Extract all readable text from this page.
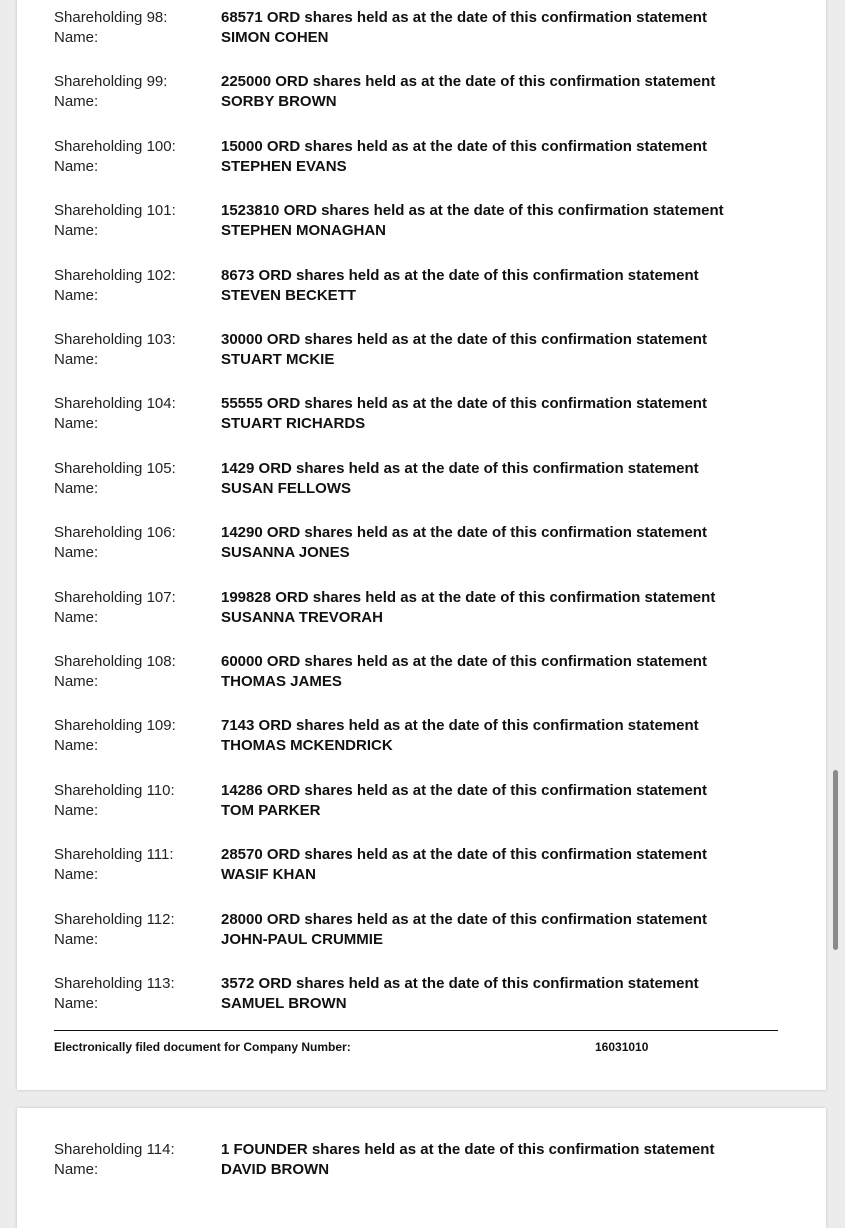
Shareholding 98:
Name:
68571 ORD shares held as at the date of this confirmation statement
SIMON COHEN
Shareholding 99:
Name:
225000 ORD shares held as at the date of this confirmation statement
SORBY BROWN
Shareholding 100:
Name:
15000 ORD shares held as at the date of this confirmation statement
STEPHEN EVANS
Shareholding 101:
Name:
1523810 ORD shares held as at the date of this confirmation statement
STEPHEN MONAGHAN
Shareholding 102:
Name:
8673 ORD shares held as at the date of this confirmation statement
STEVEN BECKETT
Shareholding 103:
Name:
30000 ORD shares held as at the date of this confirmation statement
STUART MCKIE
Shareholding 104:
Name:
55555 ORD shares held as at the date of this confirmation statement
STUART RICHARDS
Shareholding 105:
Name:
1429 ORD shares held as at the date of this confirmation statement
SUSAN FELLOWS
Shareholding 106:
Name:
14290 ORD shares held as at the date of this confirmation statement
SUSANNA JONES
Shareholding 107:
Name:
199828 ORD shares held as at the date of this confirmation statement
SUSANNA TREVORAH
Shareholding 108:
Name:
60000 ORD shares held as at the date of this confirmation statement
THOMAS JAMES
Shareholding 109:
Name:
7143 ORD shares held as at the date of this confirmation statement
THOMAS MCKENDRICK
Shareholding 110:
Name:
14286 ORD shares held as at the date of this confirmation statement
TOM PARKER
Shareholding 111:
Name:
28570 ORD shares held as at the date of this confirmation statement
WASIF KHAN
Shareholding 112:
Name:
28000 ORD shares held as at the date of this confirmation statement
JOHN-PAUL CRUMMIE
Shareholding 113:
Name:
3572 ORD shares held as at the date of this confirmation statement
SAMUEL BROWN
Electronically filed document for Company Number:	16031010
Shareholding 114:
Name:
1 FOUNDER shares held as at the date of this confirmation statement
DAVID BROWN
